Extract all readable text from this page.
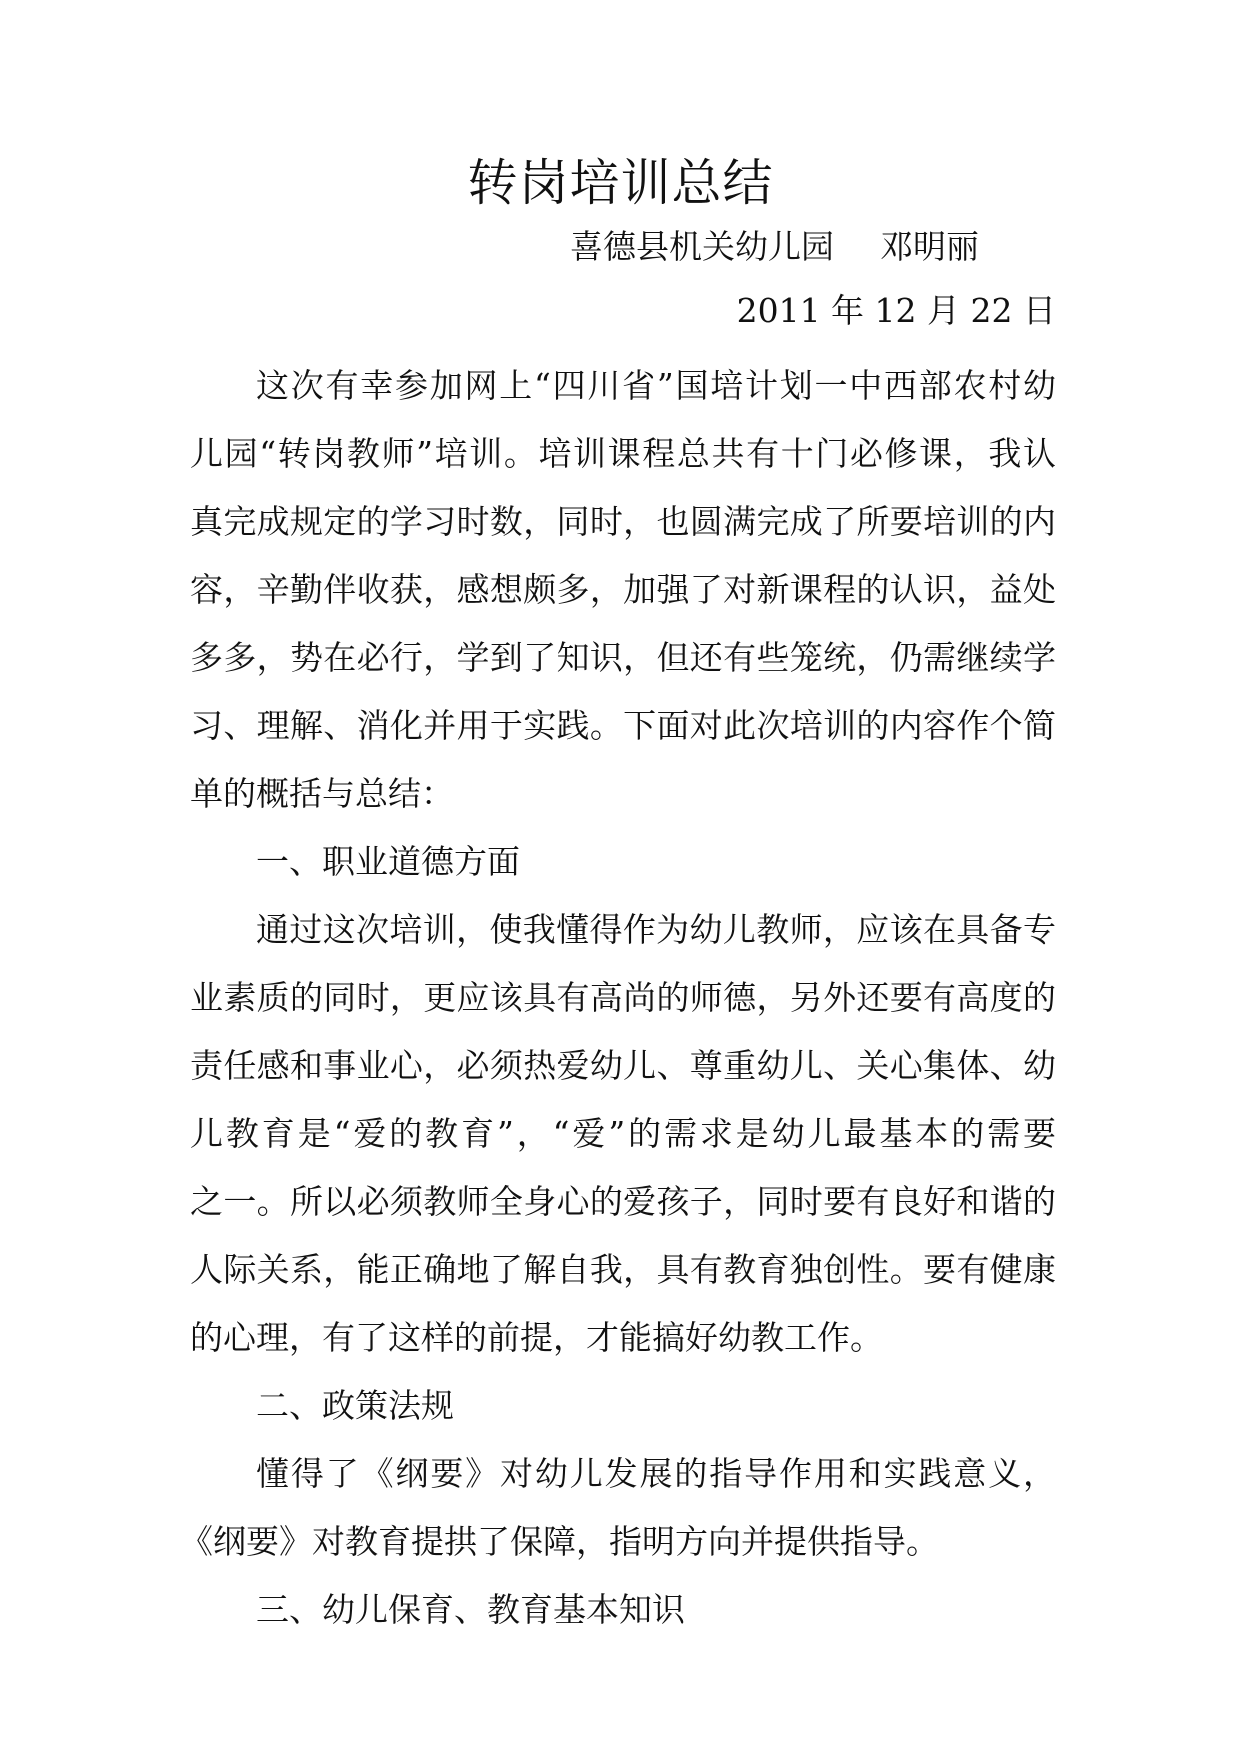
转岗培训总结
喜德县机关幼儿园 邓明丽
2011 年 12 月 22 日
这次有幸参加网上“四川省”国培计划一中西部农村幼
儿园“转岗教师”培训。培训课程总共有十门必修课，我认
真完成规定的学习时数，同时，也圆满完成了所要培训的内
容，辛勤伴收获，感想颇多，加强了对新课程的认识，益处
多多，势在必行，学到了知识，但还有些笼统，仍需继续学
习、理解、消化并用于实践。下面对此次培训的内容作个简
单的概括与总结：
一、职业道德方面
通过这次培训，使我懂得作为幼儿教师，应该在具备专
业素质的同时，更应该具有高尚的师德，另外还要有高度的
责任感和事业心，必须热爱幼儿、尊重幼儿、关心集体、幼
儿教育是“爱的教育”，“爱”的需求是幼儿最基本的需要
之一。所以必须教师全身心的爱孩子，同时要有良好和谐的
人际关系，能正确地了解自我，具有教育独创性。要有健康
的心理，有了这样的前提，才能搞好幼教工作。
二、政策法规
懂得了《纲要》对幼儿发展的指导作用和实践意义，
《纲要》对教育提拱了保障，指明方向并提供指导。
三、幼儿保育、教育基本知识
